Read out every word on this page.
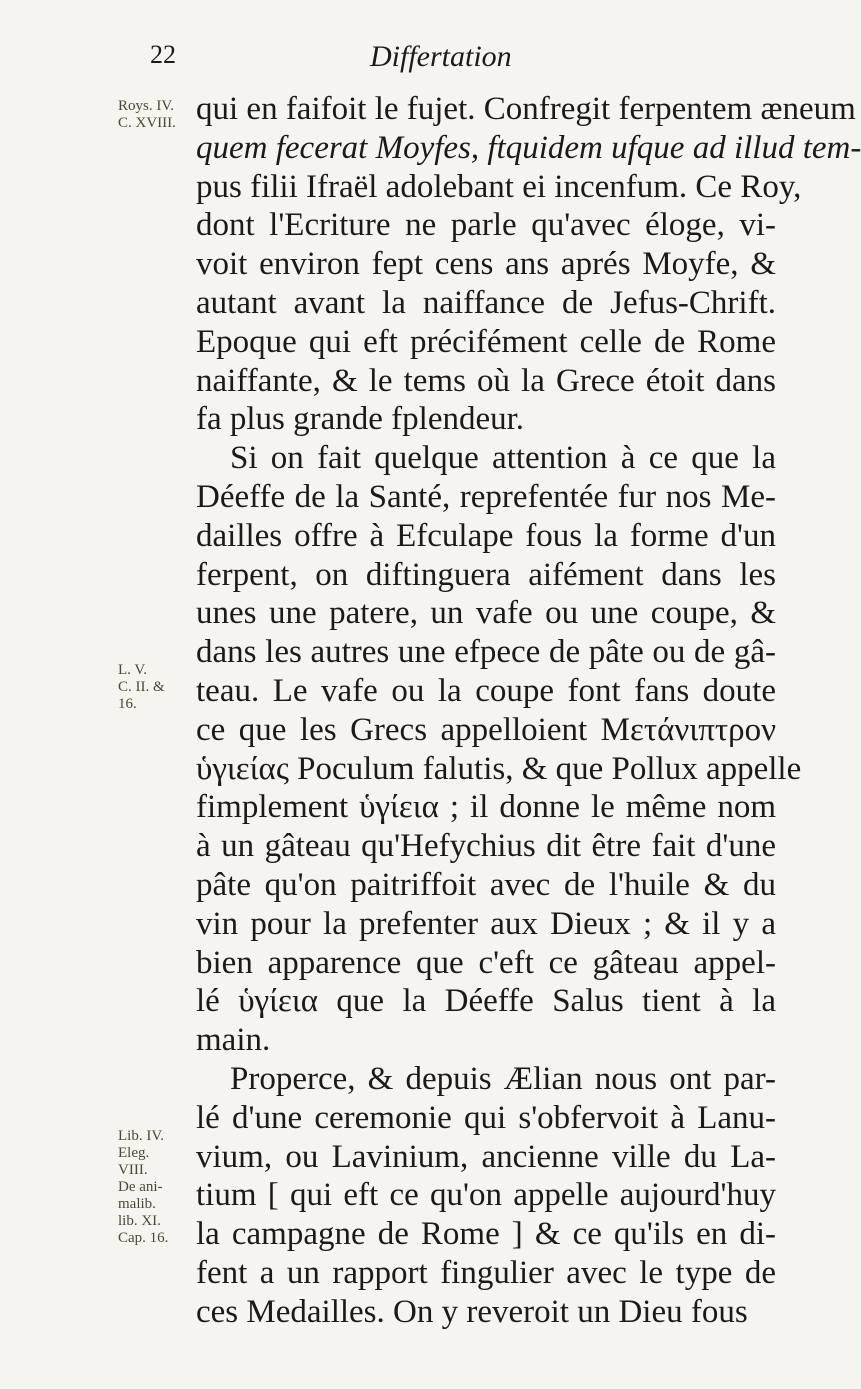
22	Differtation
Roys. IV.
C. XVIII.
L. V.
C. II. &
16.
Lib. IV.
Eleg.
VIII.
De ani-
malib.
lib. XI.
Cap. 16.
qui en faifoit le fujet. Confregit ferpentem æneum
quem fecerat Moyfes, ftquidem ufque ad illud tem-
pus filii Ifraël adolebant ei incenfum. Ce Roy,
dont l'Ecriture ne parle qu'avec éloge, vi-
voit environ fept cens ans aprés Moyfe, &
autant avant la naiffance de Jefus-Chrift.
Epoque qui eft précifément celle de Rome
naiffante, & le tems où la Grece étoit dans
fa plus grande fplendeur.
Si on fait quelque attention à ce que la
Déeffe de la Santé, reprefentée fur nos Me-
dailles offre à Efculape fous la forme d'un
ferpent, on diftinguera aifément dans les
unes une patere, un vafe ou une coupe, &
dans les autres une efpece de pâte ou de gâ-
teau. Le vafe ou la coupe font fans doute
ce que les Grecs appelloient Μετάνιπτρον
ὑγιείας Poculum falutis, & que Pollux appelle
fimplement ὑγίεια ; il donne le même nom
à un gâteau qu'Hefychius dit être fait d'une
pâte qu'on paitriffoit avec de l'huile & du
vin pour la prefenter aux Dieux ; & il y a
bien apparence que c'eft ce gâteau appel-
lé ὑγίεια que la Déeffe Salus tient à la
main.
Properce, & depuis Ælian nous ont par-
lé d'une ceremonie qui s'obfervoit à Lanu-
vium, ou Lavinium, ancienne ville du La-
tium [ qui eft ce qu'on appelle aujourd'huy
la campagne de Rome ] & ce qu'ils en di-
fent a un rapport fingulier avec le type de
ces Medailles. On y reveroit un Dieu fous
